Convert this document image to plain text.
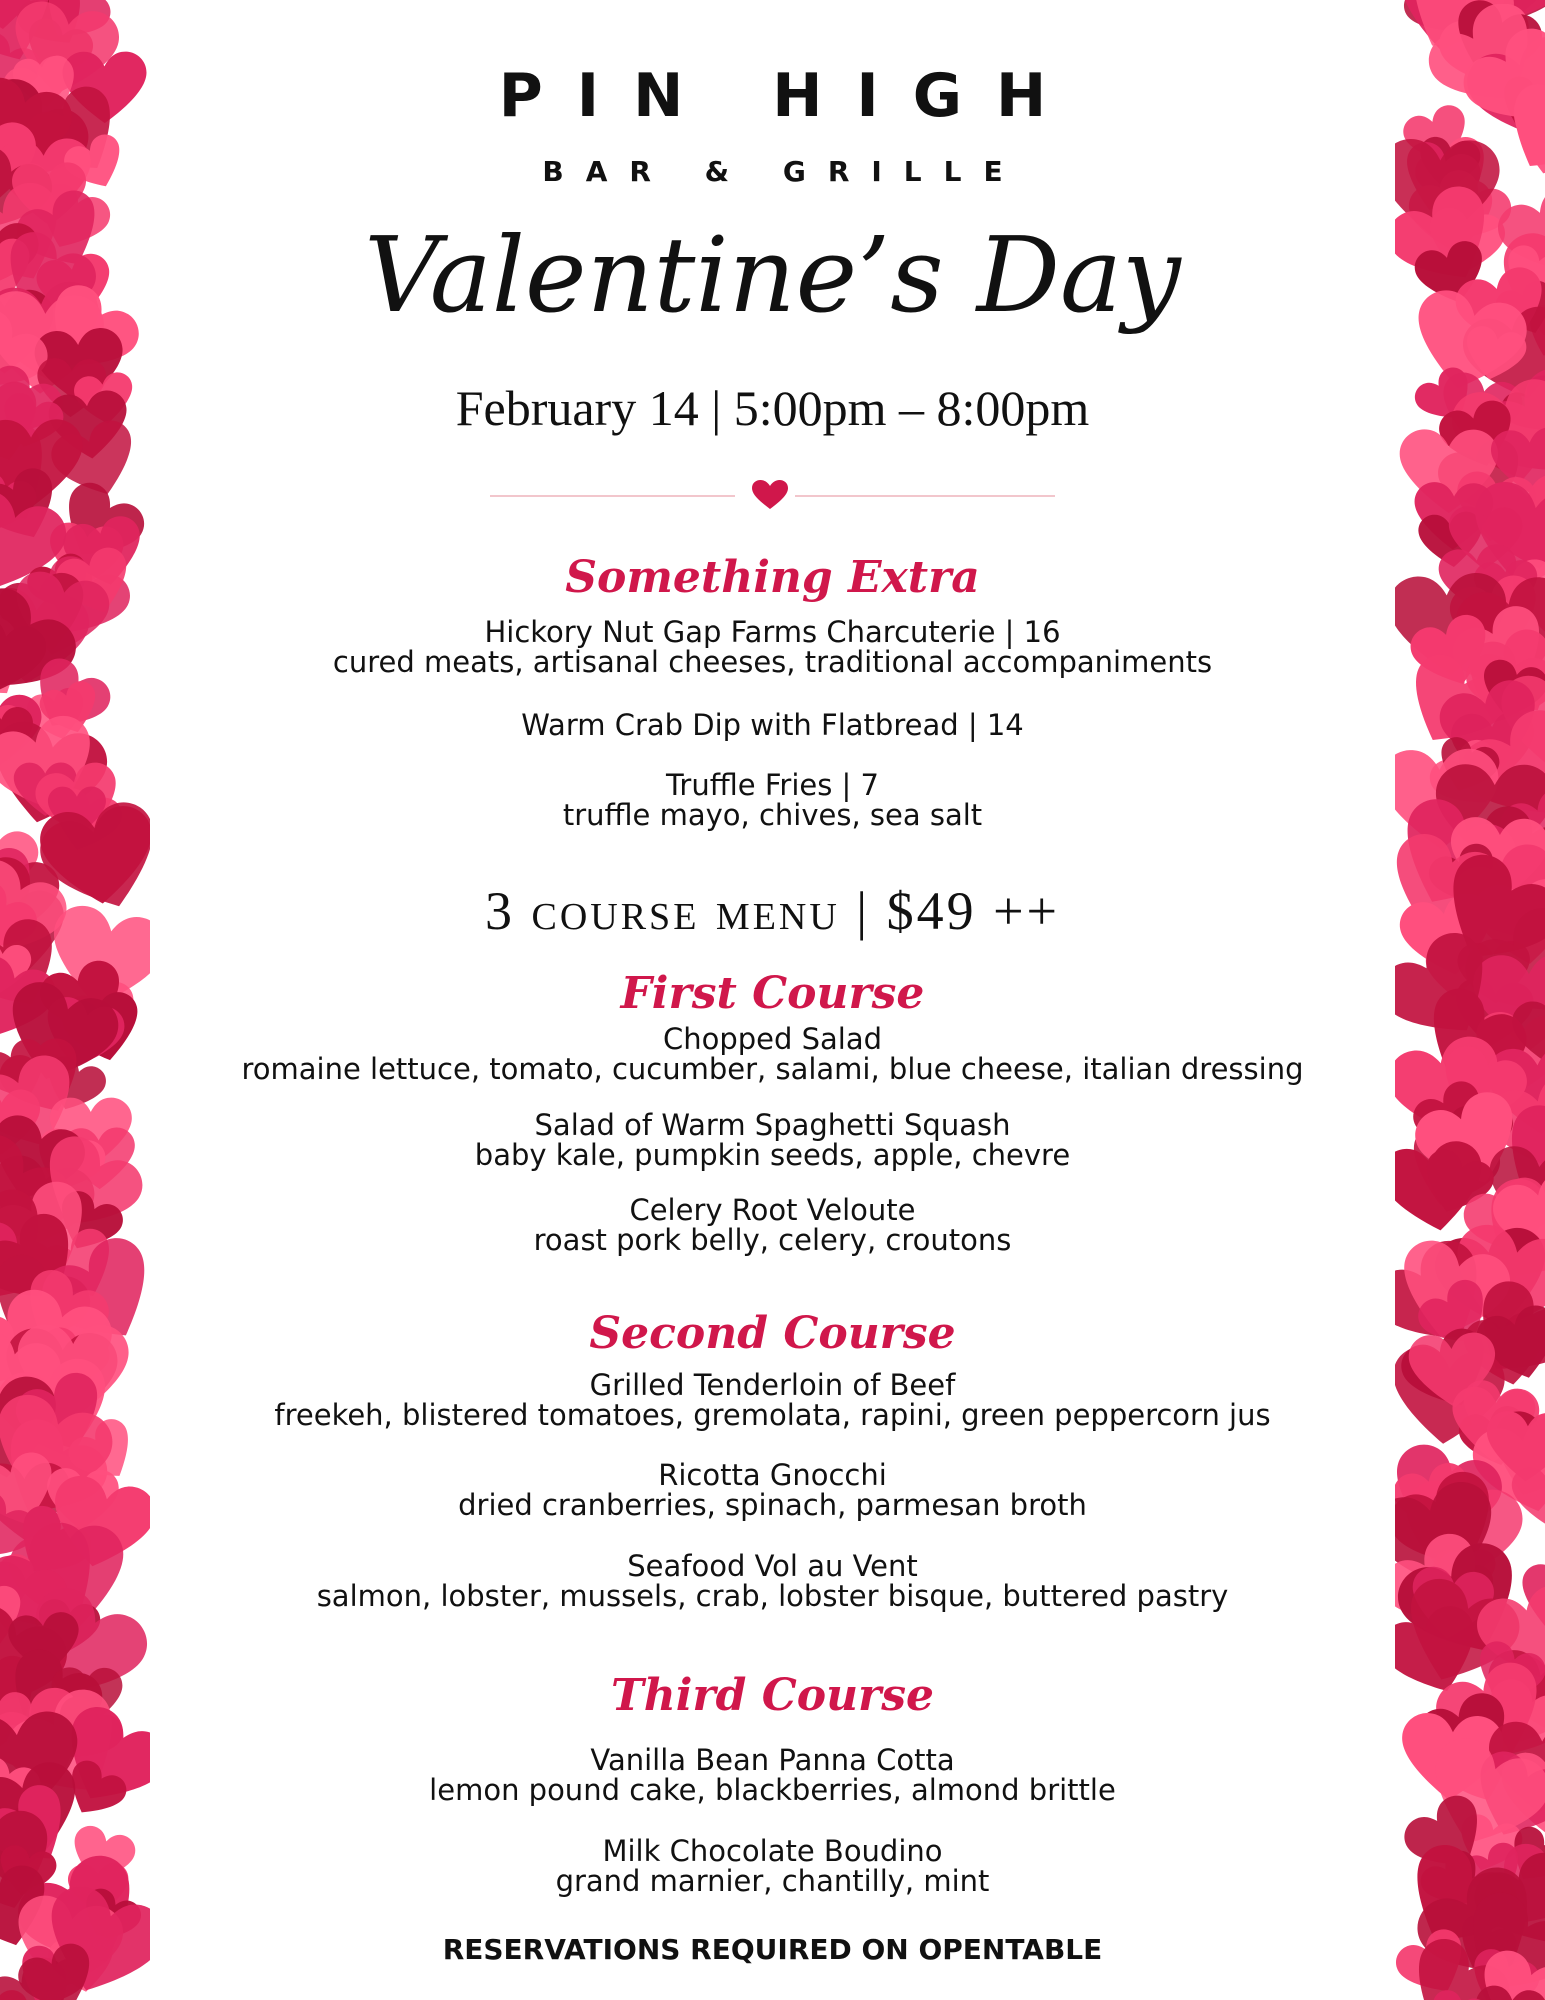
PIN HIGH
BAR & GRILLE
Valentine’s Day
February 14 | 5:00pm – 8:00pm
Something Extra
Hickory Nut Gap Farms Charcuterie | 16
cured meats, artisanal cheeses, traditional accompaniments
Warm Crab Dip with Flatbread | 14
Truffle Fries | 7
truffle mayo, chives, sea salt
3 course menu | $49 ++
First Course
Chopped Salad
romaine lettuce, tomato, cucumber, salami, blue cheese, italian dressing
Salad of Warm Spaghetti Squash
baby kale, pumpkin seeds, apple, chevre
Celery Root Veloute
roast pork belly, celery, croutons
Second Course
Grilled Tenderloin of Beef
freekeh, blistered tomatoes, gremolata, rapini, green peppercorn jus
Ricotta Gnocchi
dried cranberries, spinach, parmesan broth
Seafood Vol au Vent
salmon, lobster, mussels, crab, lobster bisque, buttered pastry
Third Course
Vanilla Bean Panna Cotta
lemon pound cake, blackberries, almond brittle
Milk Chocolate Boudino
grand marnier, chantilly, mint
RESERVATIONS REQUIRED ON OPENTABLE
